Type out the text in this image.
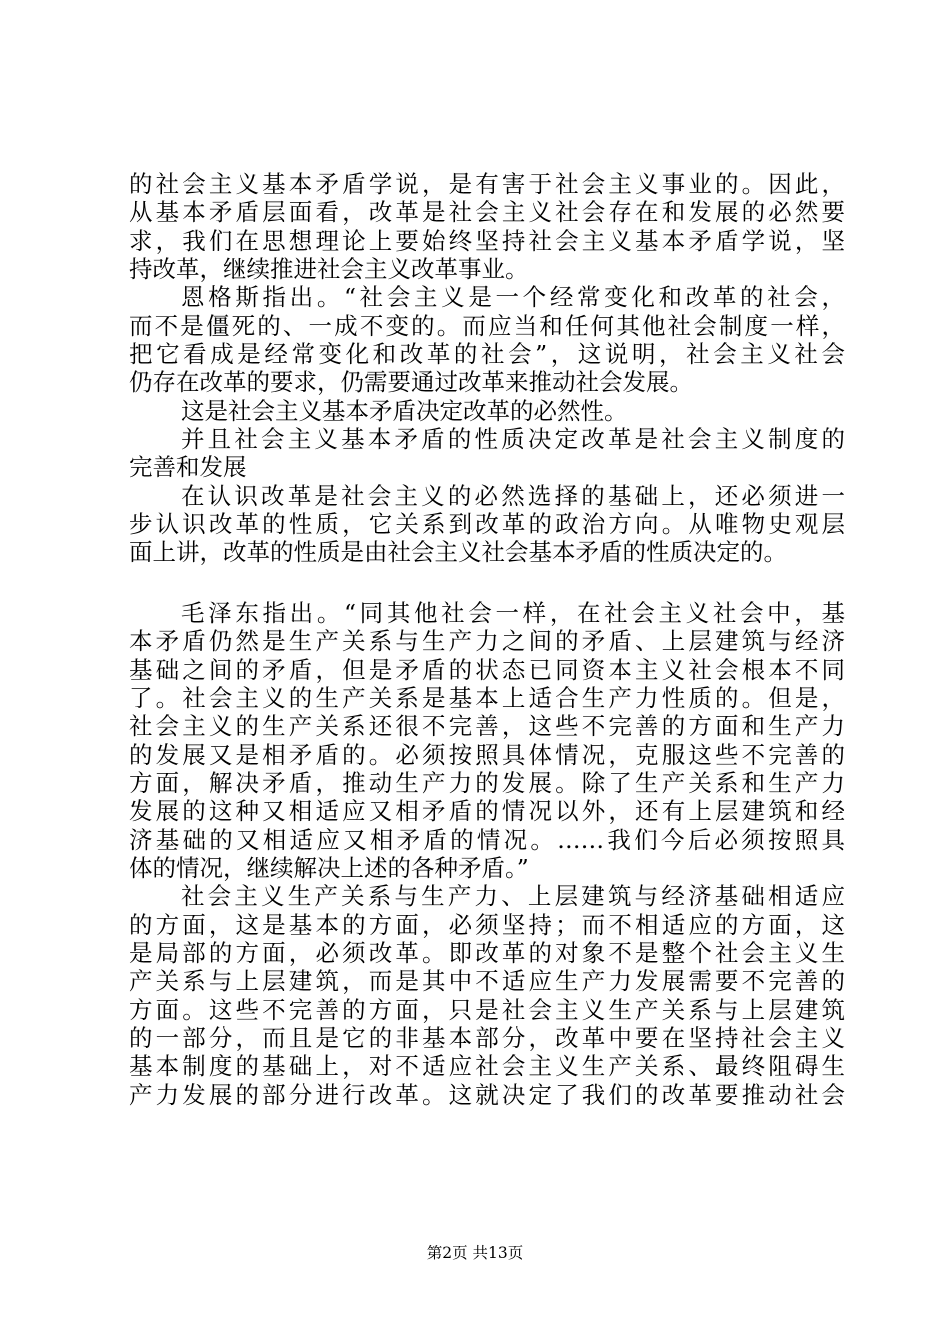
的社会主义基本矛盾学说，是有害于社会主义事业的。因此，
从基本矛盾层面看，改革是社会主义社会存在和发展的必然要
求，我们在思想理论上要始终坚持社会主义基本矛盾学说，坚
持改革，继续推进社会主义改革事业。
恩格斯指出。“社会主义是一个经常变化和改革的社会，
而不是僵死的、一成不变的。而应当和任何其他社会制度一样，
把它看成是经常变化和改革的社会”，这说明，社会主义社会
仍存在改革的要求，仍需要通过改革来推动社会发展。
这是社会主义基本矛盾决定改革的必然性。
并且社会主义基本矛盾的性质决定改革是社会主义制度的
完善和发展
在认识改革是社会主义的必然选择的基础上，还必须进一
步认识改革的性质，它关系到改革的政治方向。从唯物史观层
面上讲，改革的性质是由社会主义社会基本矛盾的性质决定的。
毛泽东指出。“同其他社会一样，在社会主义社会中，基
本矛盾仍然是生产关系与生产力之间的矛盾、上层建筑与经济
基础之间的矛盾，但是矛盾的状态已同资本主义社会根本不同
了。社会主义的生产关系是基本上适合生产力性质的。但是，
社会主义的生产关系还很不完善，这些不完善的方面和生产力
的发展又是相矛盾的。必须按照具体情况，克服这些不完善的
方面，解决矛盾，推动生产力的发展。除了生产关系和生产力
发展的这种又相适应又相矛盾的情况以外，还有上层建筑和经
济基础的又相适应又相矛盾的情况。……我们今后必须按照具
体的情况，继续解决上述的各种矛盾。”
社会主义生产关系与生产力、上层建筑与经济基础相适应
的方面，这是基本的方面，必须坚持；而不相适应的方面，这
是局部的方面，必须改革。即改革的对象不是整个社会主义生
产关系与上层建筑，而是其中不适应生产力发展需要不完善的
方面。这些不完善的方面，只是社会主义生产关系与上层建筑
的一部分，而且是它的非基本部分，改革中要在坚持社会主义
基本制度的基础上，对不适应社会主义生产关系、最终阻碍生
产力发展的部分进行改革。这就决定了我们的改革要推动社会
第2页 共13页
